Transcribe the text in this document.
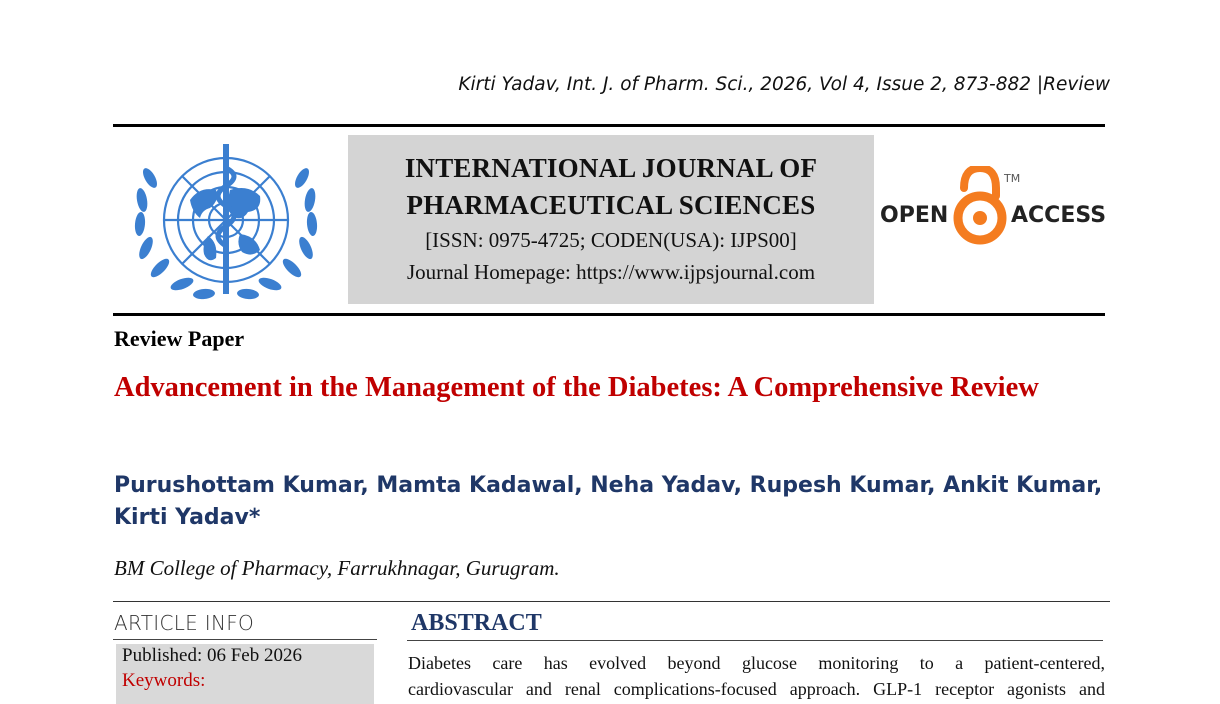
Kirti Yadav, Int. J. of Pharm. Sci., 2026, Vol 4, Issue 2, 873-882 |Review
INTERNATIONAL JOURNAL OF
PHARMACEUTICAL SCIENCES
[ISSN: 0975-4725; CODEN(USA): IJPS00]
Journal Homepage: https://www.ijpsjournal.com
OPEN
TM
ACCESS
Review Paper
Advancement in the Management of the Diabetes: A Comprehensive Review
Purushottam Kumar, Mamta Kadawal, Neha Yadav, Rupesh Kumar, Ankit Kumar, Kirti Yadav*
BM College of Pharmacy, Farrukhnagar, Gurugram.
ARTICLE INFO
Published: 06 Feb 2026
Keywords:
ABSTRACT
Diabetes care has evolved beyond glucose monitoring to a patient-centered,
cardiovascular and renal complications-focused approach. GLP-1 receptor agonists and
